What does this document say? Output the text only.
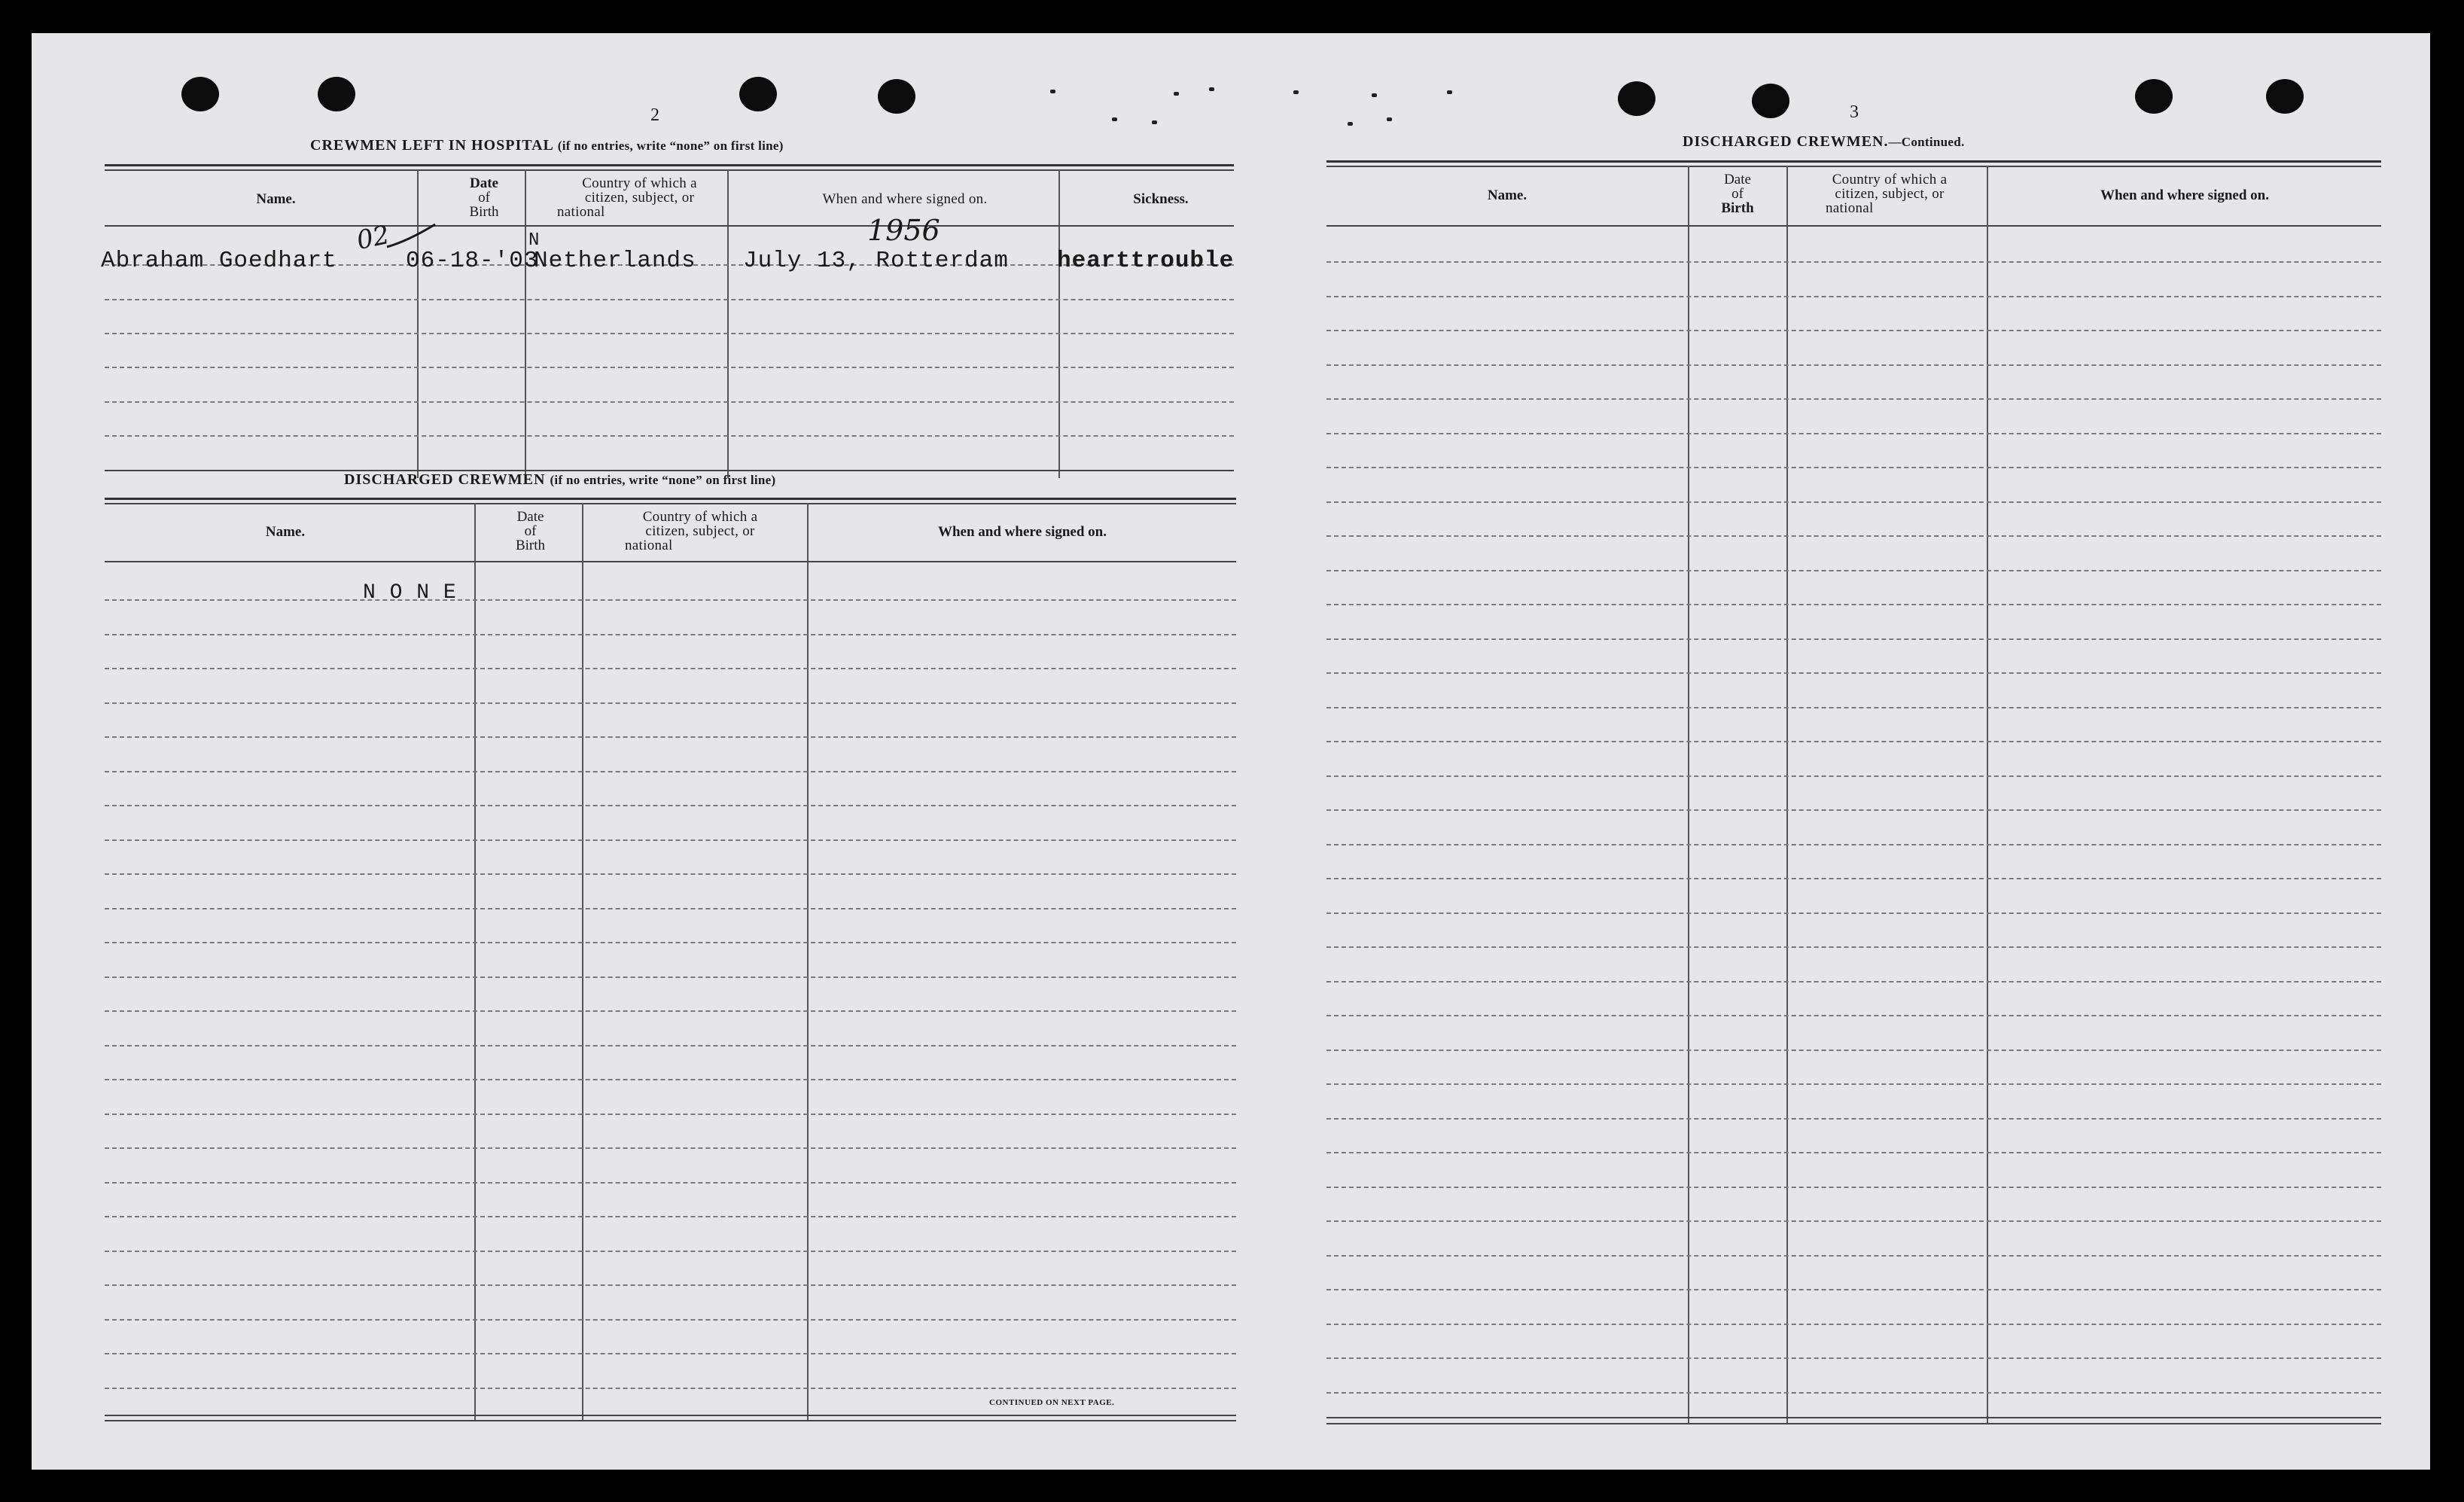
2
CREWMEN LEFT IN HOSPITAL (if no entries, write “none” on first line)
Name.
Date
of
Birth
Country of which a
citizen, subject, or
national
When and where signed on.	Sickness.
Abraham Goedhart
02
06-18-'03
N
Netherlands
1956
July 13, Rotterdam hearttrouble
DISCHARGED CREWMEN (if no entries, write “none” on first line)
Name.
Date
of
Birth
Country of which a
citizen, subject, or
national
When and where signed on.
N O N E
CONTINUED ON NEXT PAGE.
3
DISCHARGED CREWMEN.—Continued.
Name.
Date
of
Birth
Country of which a
citizen, subject, or
national
When and where signed on.
